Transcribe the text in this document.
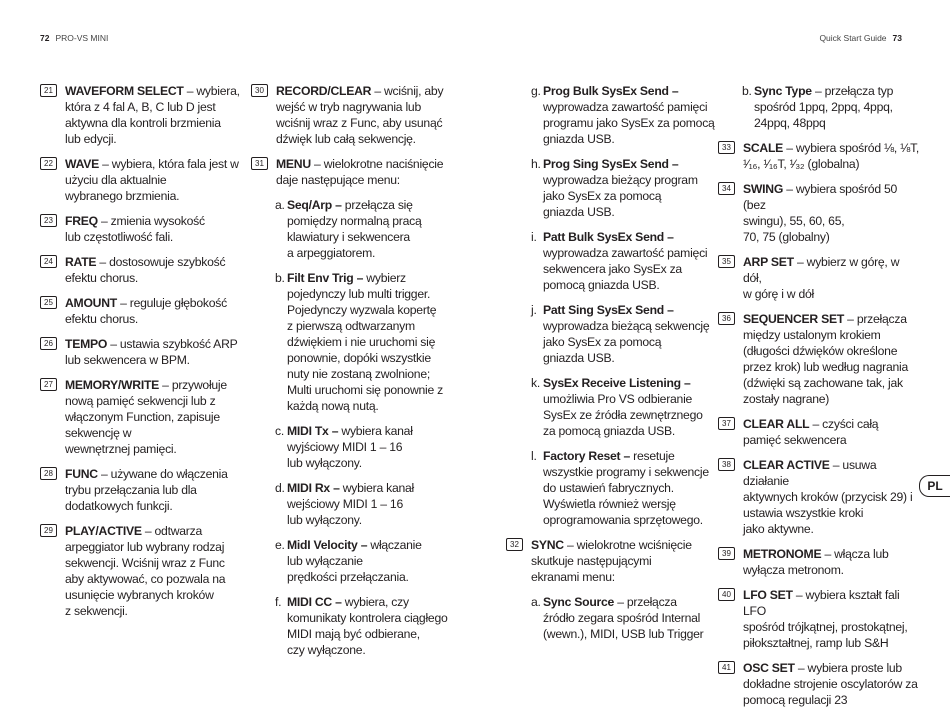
72 PRO-VS MINI	Quick Start Guide 73
21 WAVEFORM SELECT – wybiera,
która z 4 fal A, B, C lub D jest
aktywna dla kontroli brzmienia
lub edycji.
22 WAVE – wybiera, która fala jest w
użyciu dla aktualnie
wybranego brzmienia.
23 FREQ – zmienia wysokość
lub częstotliwość fali.
24 RATE – dostosowuje szybkość
efektu chorus.
25 AMOUNT – reguluje głębokość
efektu chorus.
26 TEMPO – ustawia szybkość ARP
lub sekwencera w BPM.
27 MEMORY/WRITE – przywołuje
nową pamięć sekwencji lub z
włączonym Function, zapisuje
sekwencję w
wewnętrznej pamięci.
28 FUNC – używane do włączenia
trybu przełączania lub dla
dodatkowych funkcji.
29 PLAY/ACTIVE – odtwarza
arpeggiator lub wybrany rodzaj
sekwencji. Wciśnij wraz z Func
aby aktywować, co pozwala na
usunięcie wybranych kroków
z sekwencji.
30 RECORD/CLEAR – wciśnij, aby
wejść w tryb nagrywania lub
wciśnij wraz z Func, aby usunąć
dźwięk lub całą sekwencję.
31 MENU – wielokrotne naciśnięcie
daje następujące menu:
a. Seq/Arp – przełącza się
pomiędzy normalną pracą
klawiatury i sekwencera
a arpeggiatorem.
b. Filt Env Trig – wybierz
pojedynczy lub multi trigger.
Pojedynczy wyzwala kopertę
z pierwszą odtwarzanym
dźwiękiem i nie uruchomi się
ponownie, dopóki wszystkie
nuty nie zostaną zwolnione;
Multi uruchomi się ponownie z
każdą nową nutą.
c. MIDI Tx – wybiera kanał
wyjściowy MIDI 1 – 16
lub wyłączony.
d. MIDI Rx – wybiera kanał
wejściowy MIDI 1 – 16
lub wyłączony.
e. MidI Velocity – włączanie
lub wyłączanie
prędkości przełączania.
f. MIDI CC – wybiera, czy
komunikaty kontrolera ciągłego
MIDI mają być odbierane,
czy wyłączone.
g. Prog Bulk SysEx Send –
wyprowadza zawartość pamięci
programu jako SysEx za pomocą
gniazda USB.
h. Prog Sing SysEx Send –
wyprowadza bieżący program
jako SysEx za pomocą
gniazda USB.
i. Patt Bulk SysEx Send –
wyprowadza zawartość pamięci
sekwencera jako SysEx za
pomocą gniazda USB.
j. Patt Sing SysEx Send –
wyprowadza bieżącą sekwencję
jako SysEx za pomocą
gniazda USB.
k. SysEx Receive Listening –
umożliwia Pro VS odbieranie
SysEx ze źródła zewnętrznego
za pomocą gniazda USB.
l. Factory Reset – resetuje
wszystkie programy i sekwencje
do ustawień fabrycznych.
Wyświetla również wersję
oprogramowania sprzętowego.
32 SYNC – wielokrotne wciśnięcie
skutkuje następującymi
ekranami menu:
a. Sync Source – przełącza
źródło zegara spośród Internal
(wewn.), MIDI, USB lub Trigger
b. Sync Type – przełącza typ
spośród 1ppq, 2ppq, 4ppq,
24ppq, 48ppq
33 SCALE – wybiera spośród ⅛, ⅛T,
¹⁄₁₆, ¹⁄₁₆T, ¹⁄₃₂ (globalna)
34 SWING – wybiera spośród 50 (bez
swingu), 55, 60, 65,
70, 75 (globalny)
35 ARP SET – wybierz w górę, w dół,
w górę i w dół
36 SEQUENCER SET – przełącza
między ustalonym krokiem
(długości dźwięków określone
przez krok) lub według nagrania
(dźwięki są zachowane tak, jak
zostały nagrane)
37 CLEAR ALL – czyści całą
pamięć sekwencera
38 CLEAR ACTIVE – usuwa działanie
aktywnych kroków (przycisk 29) i
ustawia wszystkie kroki
jako aktywne.
39 METRONOME – włącza lub
wyłącza metronom.
40 LFO SET – wybiera kształt fali LFO
spośród trójkątnej, prostokątnej,
piłokształtnej, ramp lub S&H
41 OSC SET – wybiera proste lub
dokładne strojenie oscylatorów za
pomocą regulacji 23
PL
